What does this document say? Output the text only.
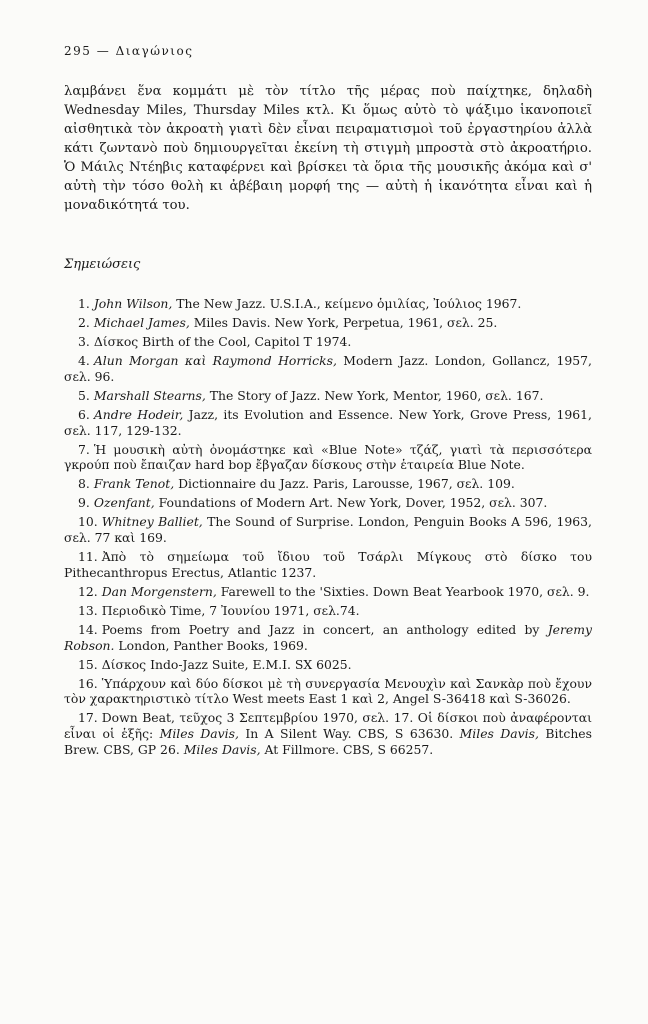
295 — Διαγώνιος

λαμβάνει ἕνα κομμάτι μὲ τὸν τίτλο τῆς μέρας ποὺ παίχτηκε, δηλαδὴ Wednesday Miles, Thursday Miles κτλ. Κι ὅμως αὐτὸ τὸ ψάξιμο ἱκανοποιεῖ αἰσθητικὰ τὸν ἀκροατὴ γιατὶ δὲν εἶναι πειραματισμοὶ τοῦ ἐργαστηρίου ἀλλὰ κάτι ζωντανὸ ποὺ δημιουργεῖται ἐκείνη τὴ στιγμὴ μπροστὰ στὸ ἀκροατήριο. Ὁ Μάιλς Ντέηβις καταφέρνει καὶ βρίσκει τὰ ὅρια τῆς μουσικῆς ἀκόμα καὶ σ' αὐτὴ τὴν τόσο θολὴ κι ἀβέβαιη μορφή της — αὐτὴ ἡ ἱκανότητα εἶναι καὶ ἡ μοναδικότητά του.

Σημειώσεις
1. John Wilson, The New Jazz. U.S.I.A., κείμενο ὁμιλίας, Ἰούλιος 1967.
2. Michael James, Miles Davis. New York, Perpetua, 1961, σελ. 25.
3. Δίσκος Birth of the Cool, Capitol T 1974.
4. Alun Morgan καὶ Raymond Horricks, Modern Jazz. London, Gollancz, 1957, σελ. 96.
5. Marshall Stearns, The Story of Jazz. New York, Mentor, 1960, σελ. 167.
6. Andre Hodeir, Jazz, its Evolution and Essence. New York, Grove Press, 1961, σελ. 117, 129-132.
7. Ἡ μουσικὴ αὐτὴ ὀνομάστηκε καὶ «Blue Note» τζάζ, γιατὶ τὰ περισσότερα γκρούπ ποὺ ἔπαιζαν hard bop ἔβγαζαν δίσκους στὴν ἑταιρεία Blue Note.
8. Frank Tenot, Dictionnaire du Jazz. Paris, Larousse, 1967, σελ. 109.
9. Ozenfant, Foundations of Modern Art. New York, Dover, 1952, σελ. 307.
10. Whitney Balliet, The Sound of Surprise. London, Penguin Books A 596, 1963, σελ. 77 καὶ 169.
11. Ἀπὸ τὸ σημείωμα τοῦ ἴδιου τοῦ Τσάρλι Μίγκους στὸ δίσκο του Pithecanthropus Erectus, Atlantic 1237.
12. Dan Morgenstern, Farewell to the 'Sixties. Down Beat Yearbook 1970, σελ. 9.
13. Περιοδικὸ Time, 7 Ἰουνίου 1971, σελ.74.
14. Poems from Poetry and Jazz in concert, an anthology edited by Jeremy Robson. London, Panther Books, 1969.
15. Δίσκος Indo-Jazz Suite, E.M.I. SX 6025.
16. Ὑπάρχουν καὶ δύο δίσκοι μὲ τὴ συνεργασία Μενουχὶν καὶ Σανκὰρ ποὺ ἔχουν τὸν χαρακτηριστικὸ τίτλο West meets East 1 καὶ 2, Angel S-36418 καὶ S-36026.
17. Down Beat, τεῦχος 3 Σεπτεμβρίου 1970, σελ. 17. Οἱ δίσκοι ποὺ ἀναφέρονται εἶναι οἱ ἑξῆς: Miles Davis, In A Silent Way. CBS, S 63630. Miles Davis, Bitches Brew. CBS, GP 26. Miles Davis, At Fillmore. CBS, S 66257.
